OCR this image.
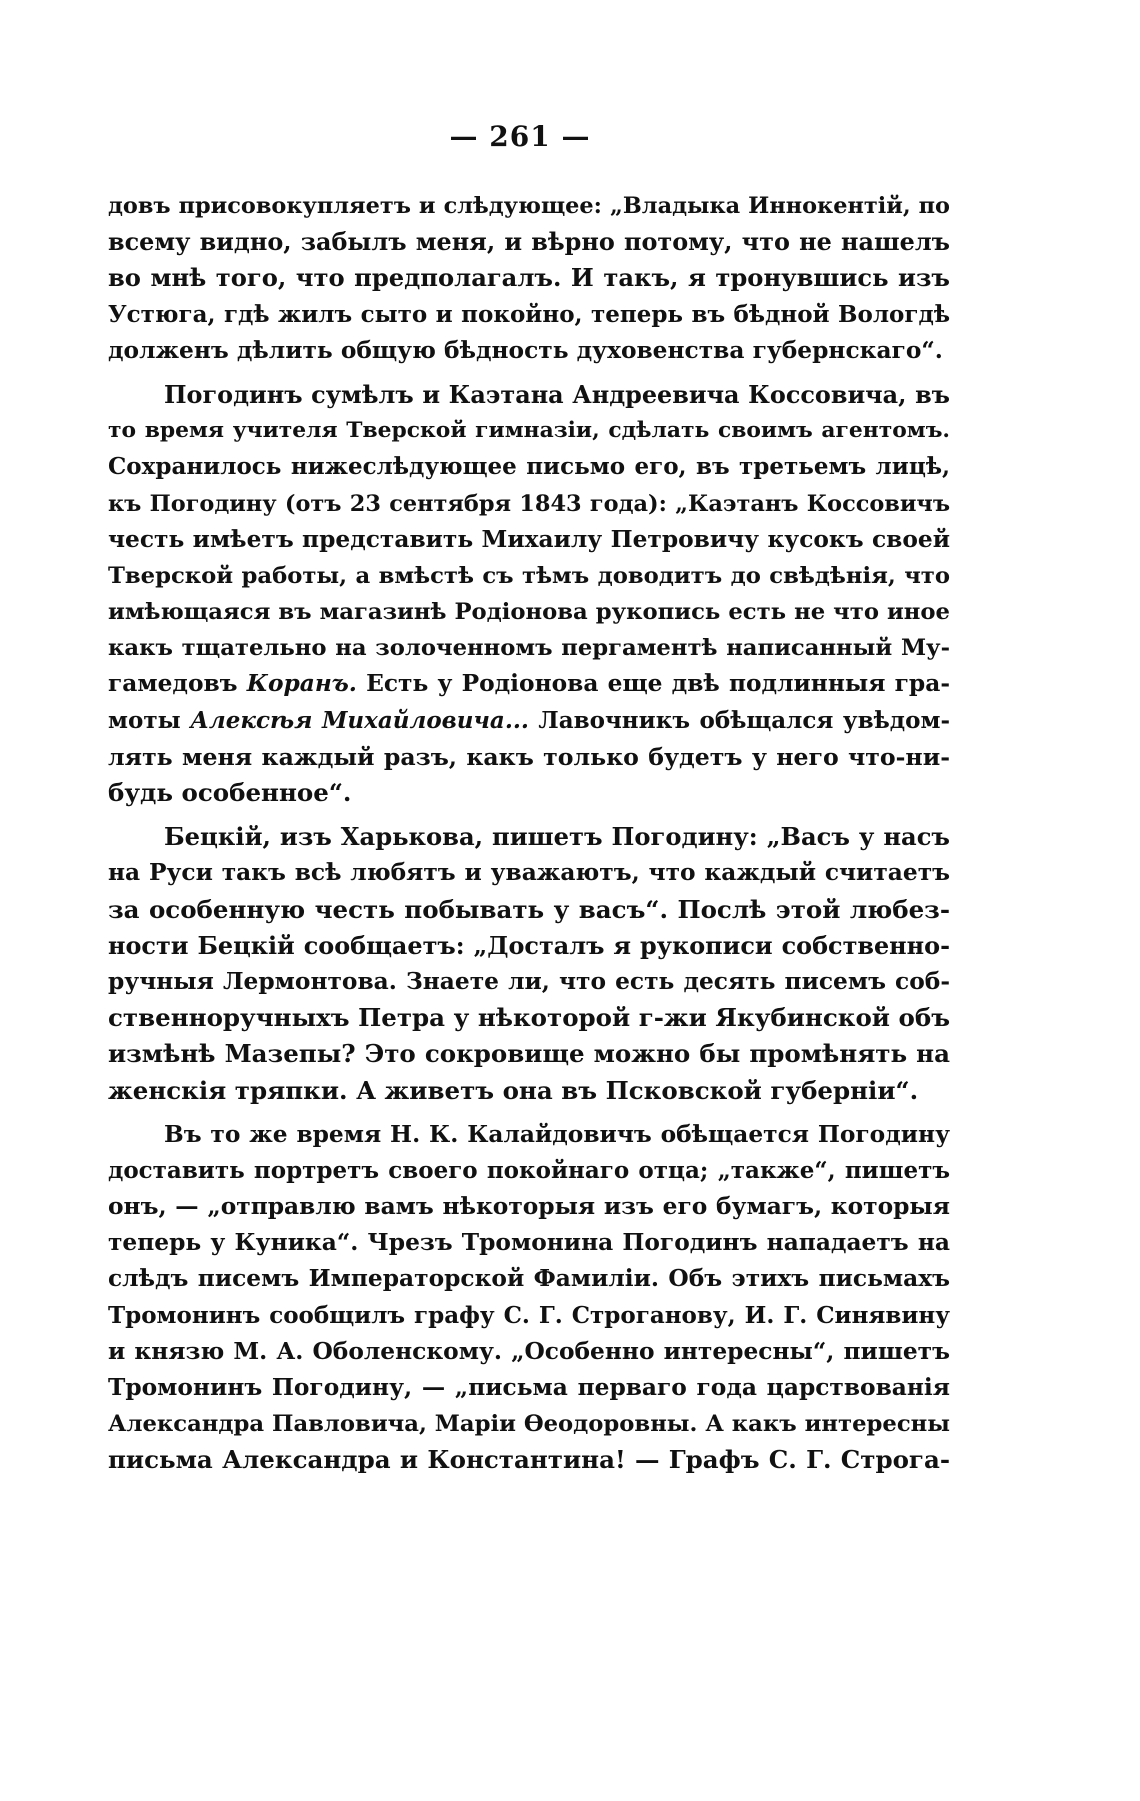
— 261 —
довъ присовокупляетъ и слѣдующее: „Владыка Иннокентій, по
всему видно, забылъ меня, и вѣрно потому, что не нашелъ
во мнѣ того, что предполагалъ. И такъ, я тронувшись изъ
Устюга, гдѣ жилъ сыто и покойно, теперь въ бѣдной Вологдѣ
долженъ дѣлить общую бѣдность духовенства губернскаго“.
Погодинъ сумѣлъ и Каэтана Андреевича Коссовича, въ
то время учителя Тверской гимназіи, сдѣлать своимъ агентомъ.
Сохранилось нижеслѣдующее письмо его, въ третьемъ лицѣ,
къ Погодину (отъ 23 сентября 1843 года): „Каэтанъ Коссовичъ
честь имѣетъ представить Михаилу Петровичу кусокъ своей
Тверской работы, а вмѣстѣ съ тѣмъ доводитъ до свѣдѣнія, что
имѣющаяся въ магазинѣ Родіонова рукопись есть не что иное
какъ тщательно на золоченномъ пергаментѣ написанный Му-
гамедовъ Коранъ. Есть у Родіонова еще двѣ подлинныя гра-
моты Алексѣя Михайловича... Лавочникъ обѣщался увѣдом-
лять меня каждый разъ, какъ только будетъ у него что-ни-
будь особенное“.
Бецкій, изъ Харькова, пишетъ Погодину: „Васъ у насъ
на Руси такъ всѣ любятъ и уважаютъ, что каждый считаетъ
за особенную честь побывать у васъ“. Послѣ этой любез-
ности Бецкій сообщаетъ: „Досталъ я рукописи собственно-
ручныя Лермонтова. Знаете ли, что есть десять писемъ соб-
ственноручныхъ Петра у нѣкоторой г-жи Якубинской объ
измѣнѣ Мазепы? Это сокровище можно бы промѣнять на
женскія тряпки. А живетъ она въ Псковской губерніи“.
Въ то же время Н. К. Калайдовичъ обѣщается Погодину
доставить портретъ своего покойнаго отца; „также“, пишетъ
онъ, — „отправлю вамъ нѣкоторыя изъ его бумагъ, которыя
теперь у Куника“. Чрезъ Тромонина Погодинъ нападаетъ на
слѣдъ писемъ Императорской Фамиліи. Объ этихъ письмахъ
Тромонинъ сообщилъ графу С. Г. Строганову, И. Г. Синявину
и князю М. А. Оболенскому. „Особенно интересны“, пишетъ
Тромонинъ Погодину, — „письма перваго года царствованія
Александра Павловича, Маріи Ѳеодоровны. А какъ интересны
письма Александра и Константина! — Графъ С. Г. Строга-
